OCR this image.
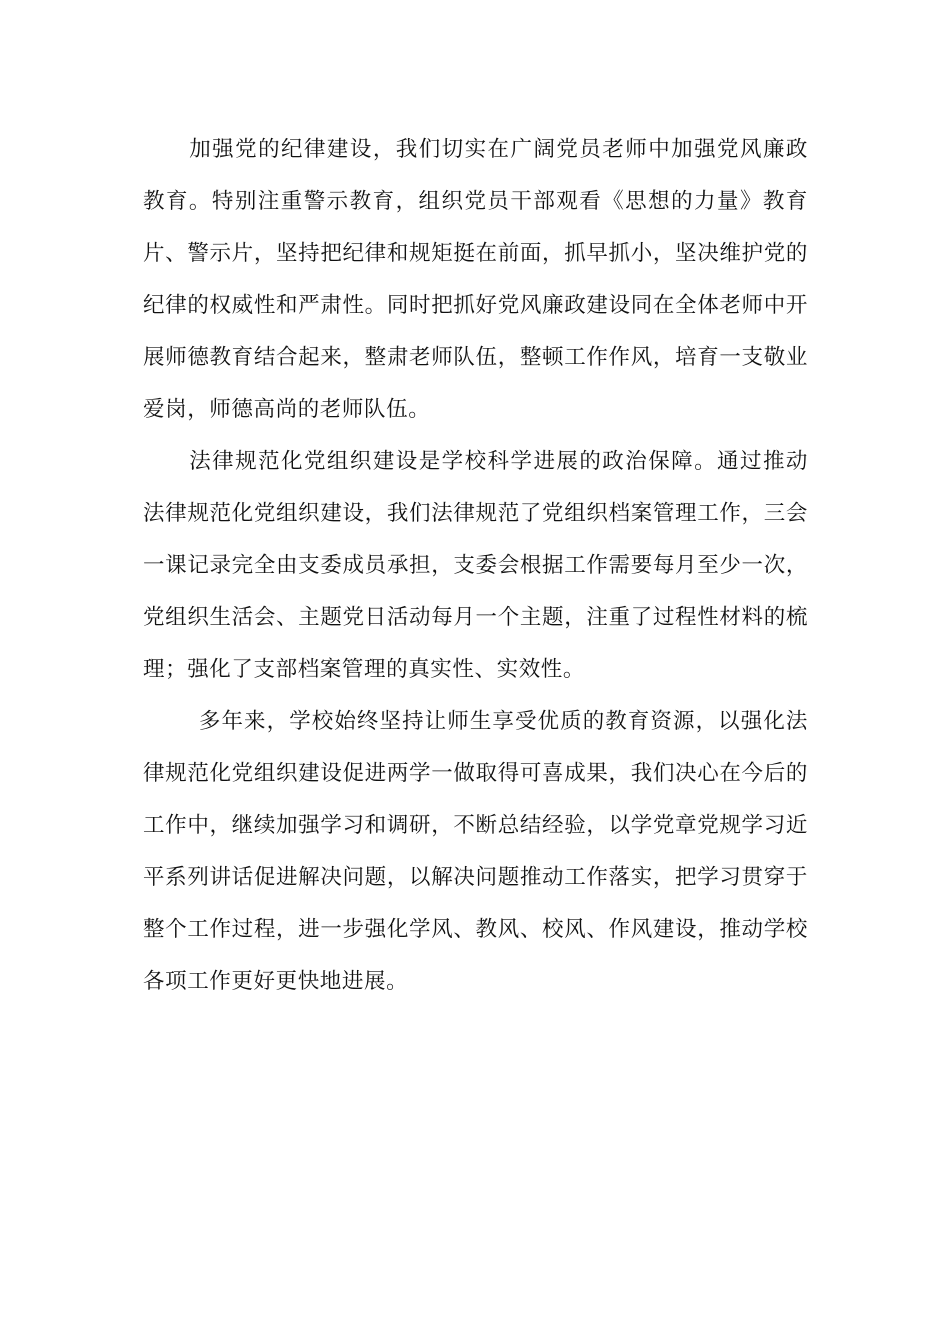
加强党的纪律建设，我们切实在广阔党员老师中加强党风廉政教育。特别注重警示教育，组织党员干部观看《思想的力量》教育片、警示片，坚持把纪律和规矩挺在前面，抓早抓小，坚决维护党的纪律的权威性和严肃性。同时把抓好党风廉政建设同在全体老师中开展师德教育结合起来，整肃老师队伍，整顿工作作风，培育一支敬业爱岗，师德高尚的老师队伍。

法律规范化党组织建设是学校科学进展的政治保障。通过推动法律规范化党组织建设，我们法律规范了党组织档案管理工作，三会一课记录完全由支委成员承担，支委会根据工作需要每月至少一次，党组织生活会、主题党日活动每月一个主题，注重了过程性材料的梳理；强化了支部档案管理的真实性、实效性。

多年来，学校始终坚持让师生享受优质的教育资源，以强化法律规范化党组织建设促进两学一做取得可喜成果，我们决心在今后的工作中，继续加强学习和调研，不断总结经验，以学党章党规学习近平系列讲话促进解决问题，以解决问题推动工作落实，把学习贯穿于整个工作过程，进一步强化学风、教风、校风、作风建设，推动学校各项工作更好更快地进展。
